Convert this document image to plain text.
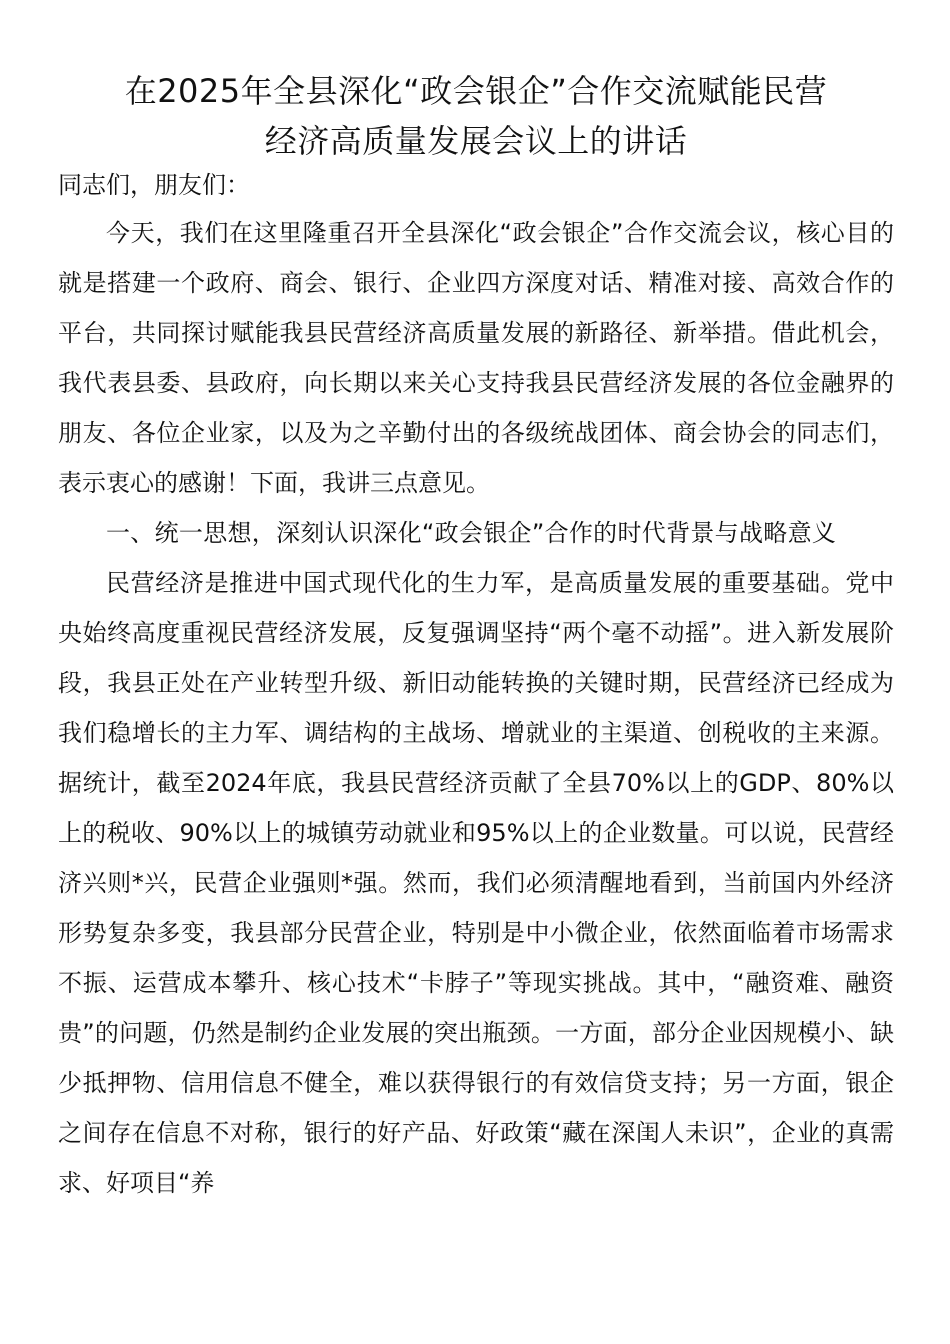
在2025年全县深化“政会银企”合作交流赋能民营
经济高质量发展会议上的讲话

同志们，朋友们：

今天，我们在这里隆重召开全县深化“政会银企”合作交流会议，核心目的就是搭建一个政府、商会、银行、企业四方深度对话、精准对接、高效合作的平台，共同探讨赋能我县民营经济高质量发展的新路径、新举措。借此机会，我代表县委、县政府，向长期以来关心支持我县民营经济发展的各位金融界的朋友、各位企业家，以及为之辛勤付出的各级统战团体、商会协会的同志们，表示衷心的感谢！下面，我讲三点意见。

一、统一思想，深刻认识深化“政会银企”合作的时代背景与战略意义

民营经济是推进中国式现代化的生力军，是高质量发展的重要基础。党中央始终高度重视民营经济发展，反复强调坚持“两个毫不动摇”。进入新发展阶段，我县正处在产业转型升级、新旧动能转换的关键时期，民营经济已经成为我们稳增长的主力军、调结构的主战场、增就业的主渠道、创税收的主来源。据统计，截至2024年底，我县民营经济贡献了全县70%以上的GDP、80%以上的税收、90%以上的城镇劳动就业和95%以上的企业数量。可以说，民营经济兴则*兴，民营企业强则*强。然而，我们必须清醒地看到，当前国内外经济形势复杂多变，我县部分民营企业，特别是中小微企业，依然面临着市场需求不振、运营成本攀升、核心技术“卡脖子”等现实挑战。其中，“融资难、融资贵”的问题，仍然是制约企业发展的突出瓶颈。一方面，部分企业因规模小、缺少抵押物、信用信息不健全，难以获得银行的有效信贷支持；另一方面，银企之间存在信息不对称，银行的好产品、好政策“藏在深闺人未识”，企业的真需求、好项目“养
